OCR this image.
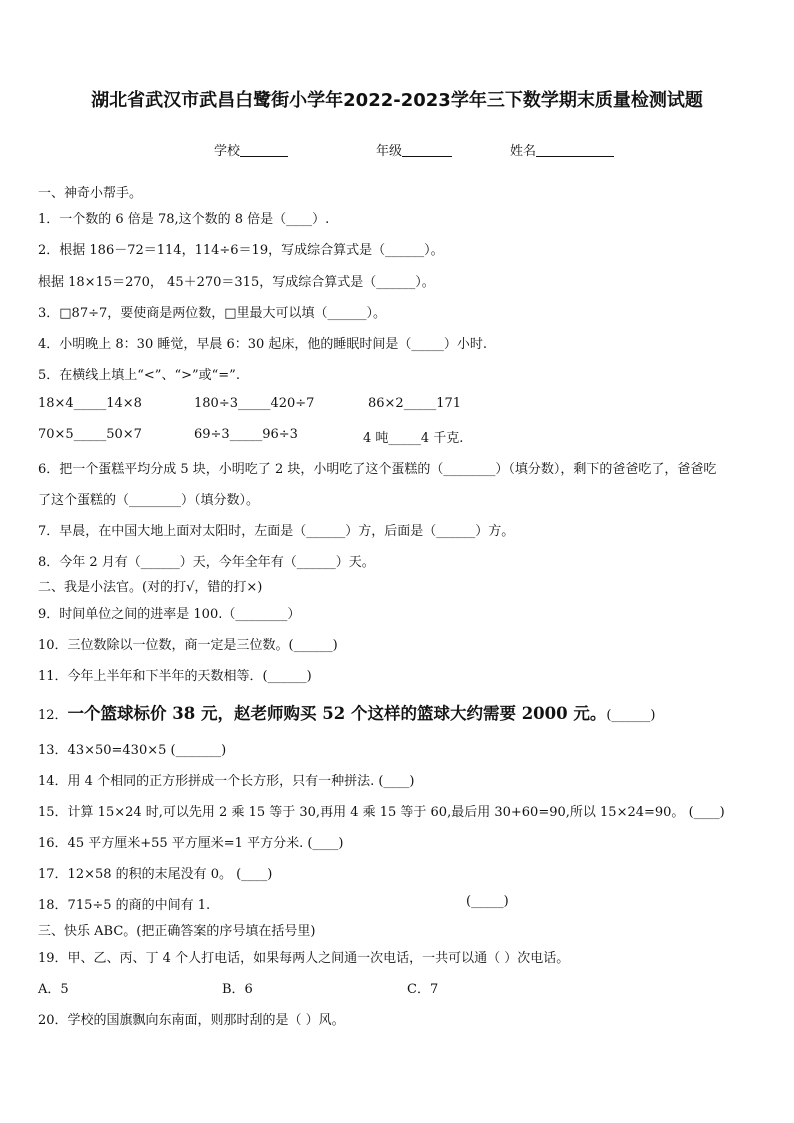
湖北省武汉市武昌白鹭街小学年2022-2023学年三下数学期末质量检测试题
学校	年级	姓名
一、神奇小帮手。
1．一个数的 6 倍是 78,这个数的 8 倍是（____）.
2．根据 186－72＝114，114÷6＝19，写成综合算式是（______）。
根据 18×15＝270， 45＋270＝315，写成综合算式是（______）。
3．□87÷7，要使商是两位数，□里最大可以填（______）。
4．小明晚上 8：30 睡觉，早晨 6：30 起床，他的睡眠时间是（_____）小时.
5．在横线上填上“<”、“>”或“=”.
18×4_____14×8	180÷3_____420÷7	86×2_____171
70×5_____50×7	69÷3_____96÷3	4 吨_____4 千克.
6．把一个蛋糕平均分成 5 块，小明吃了 2 块，小明吃了这个蛋糕的（________）（填分数），剩下的爸爸吃了，爸爸吃
了这个蛋糕的（________）（填分数）。
7．早晨，在中国大地上面对太阳时，左面是（______）方，后面是（______）方。
8．今年 2 月有（______）天，今年全年有（______）天。
二、我是小法官。(对的打√，错的打×)
9．时间单位之间的进率是 100.（________）
10．三位数除以一位数，商一定是三位数。(______)
11．今年上半年和下半年的天数相等．(______)
12．一个篮球标价 38 元，赵老师购买 52 个这样的篮球大约需要 2000 元。(______)
13．43×50=430×5 (_______)
14．用 4 个相同的正方形拼成一个长方形，只有一种拼法. (____)
15．计算 15×24 时,可以先用 2 乘 15 等于 30,再用 4 乘 15 等于 60,最后用 30+60=90,所以 15×24=90。 (____)
16．45 平方厘米+55 平方厘米=1 平方分米. (____)
17．12×58 的积的末尾没有 0。 (____)
18．715÷5 的商的中间有 1.	(_____)
三、快乐 ABC。(把正确答案的序号填在括号里)
19．甲、乙、丙、丁 4 个人打电话，如果每两人之间通一次电话，一共可以通（ ）次电话。
A．5	B．6	C．7
20．学校的国旗飘向东南面，则那时刮的是（ ）风。
